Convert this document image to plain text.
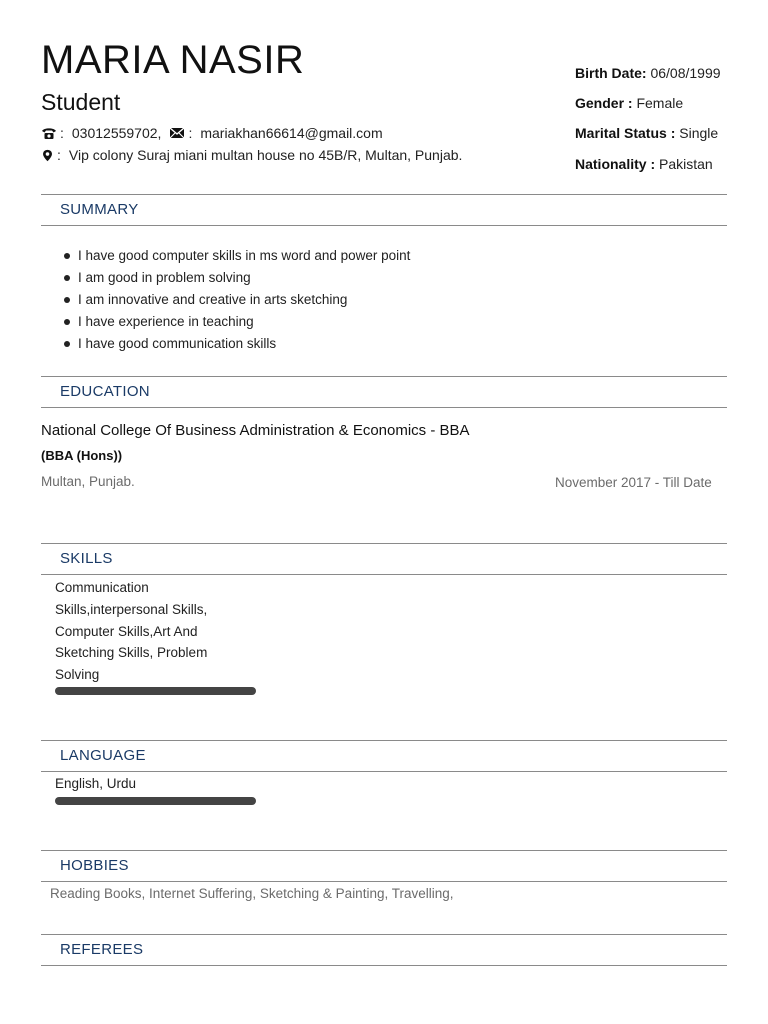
MARIA NASIR
Student
: 03012559702, : mariakhan66614@gmail.com
: Vip colony Suraj miani multan house no 45B/R, Multan, Punjab.
Birth Date: 06/08/1999
Gender : Female
Marital Status : Single
Nationality : Pakistan
SUMMARY
I have good computer skills in ms word and power point
I am good in problem solving
I am innovative and creative in arts sketching
I have experience in teaching
I have good communication skills
EDUCATION
National College Of Business Administration & Economics - BBA
(BBA (Hons))
Multan, Punjab.	November 2017 - Till Date
SKILLS
Communication Skills,interpersonal Skills, Computer Skills,Art And Sketching Skills, Problem Solving
LANGUAGE
English, Urdu
HOBBIES
Reading Books, Internet Suffering, Sketching & Painting, Travelling,
REFEREES
